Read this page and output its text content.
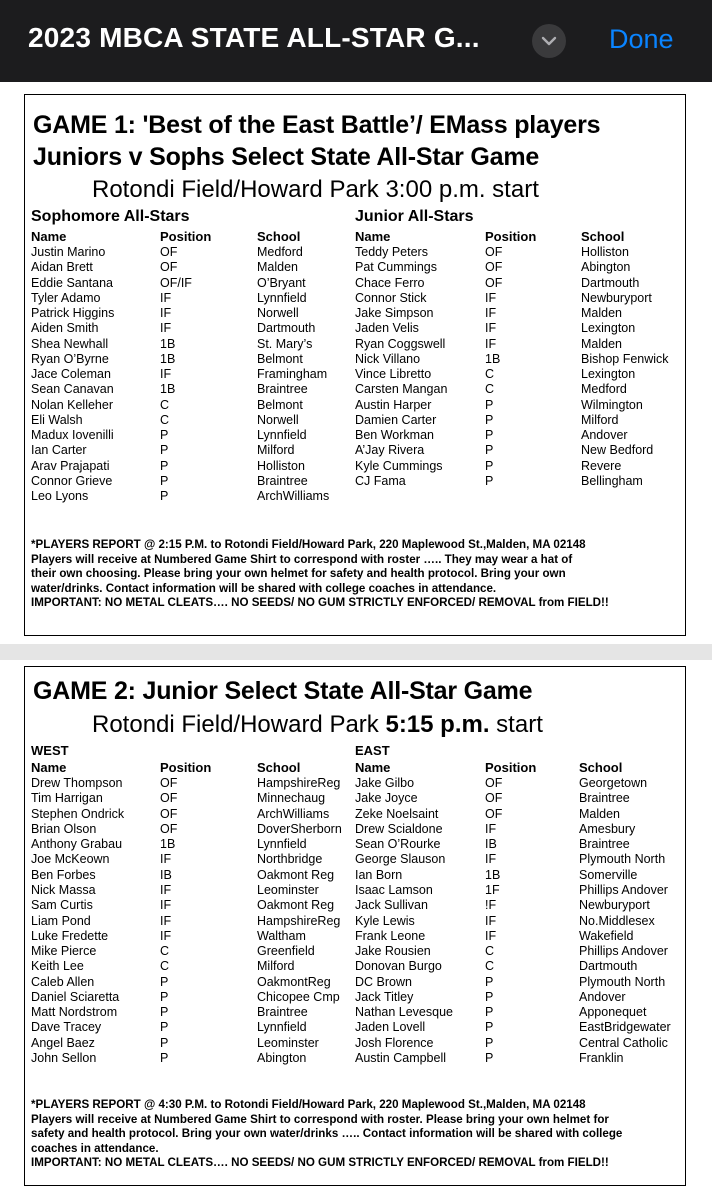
2023 MBCA STATE ALL-STAR G...	Done
GAME 1: 'Best of the East Battle’/ EMass players
Juniors v Sophs Select State All-Star Game
Rotondi Field/Howard Park 3:00 p.m. start
Sophomore All-Stars	Junior All-Stars
Name	Position	School	Name	Position	School
Justin Marino	OF	Medford
Aidan Brett	OF	Malden
Eddie Santana	OF/IF	O’Bryant
Tyler Adamo	IF	Lynnfield
Patrick Higgins	IF	Norwell
Aiden Smith	IF	Dartmouth
Shea Newhall	1B	St. Mary’s
Ryan O’Byrne	1B	Belmont
Jace Coleman	IF	Framingham
Sean Canavan	1B	Braintree
Nolan Kelleher	C	Belmont
Eli Walsh	C	Norwell
Madux Iovenilli	P	Lynnfield
Ian Carter	P	Milford
Arav Prajapati	P	Holliston
Connor Grieve	P	Braintree
Leo Lyons	P	ArchWilliams
Teddy Peters	OF	Holliston
Pat Cummings	OF	Abington
Chace Ferro	OF	Dartmouth
Connor Stick	IF	Newburyport
Jake Simpson	IF	Malden
Jaden Velis	IF	Lexington
Ryan Coggswell	IF	Malden
Nick Villano	1B	Bishop Fenwick
Vince Libretto	C	Lexington
Carsten Mangan	C	Medford
Austin Harper	P	Wilmington
Damien Carter	P	Milford
Ben Workman	P	Andover
A’Jay Rivera	P	New Bedford
Kyle Cummings	P	Revere
CJ Fama	P	Bellingham
*PLAYERS REPORT @ 2:15 P.M. to Rotondi Field/Howard Park, 220 Maplewood St.,Malden, MA 02148
Players will receive at Numbered Game Shirt to correspond with roster ….. They may wear a hat of
their own choosing. Please bring your own helmet for safety and health protocol. Bring your own
water/drinks. Contact information will be shared with college coaches in attendance.
IMPORTANT: NO METAL CLEATS…. NO SEEDS/ NO GUM STRICTLY ENFORCED/ REMOVAL from FIELD!!
GAME 2: Junior Select State All-Star Game
Rotondi Field/Howard Park 5:15 p.m. start
WEST	EAST
Name	Position	School	Name	Position	School
Drew Thompson	OF	HampshireReg
Tim Harrigan	OF	Minnechaug
Stephen Ondrick	OF	ArchWilliams
Brian Olson	OF	DoverSherborn
Anthony Grabau	1B	Lynnfield
Joe McKeown	IF	Northbridge
Ben Forbes	IB	Oakmont Reg
Nick Massa	IF	Leominster
Sam Curtis	IF	Oakmont Reg
Liam Pond	IF	HampshireReg
Luke Fredette	IF	Waltham
Mike Pierce	C	Greenfield
Keith Lee	C	Milford
Caleb Allen	P	OakmontReg
Daniel Sciaretta	P	Chicopee Cmp
Matt Nordstrom	P	Braintree
Dave Tracey	P	Lynnfield
Angel Baez	P	Leominster
John Sellon	P	Abington
Jake Gilbo	OF	Georgetown
Jake Joyce	OF	Braintree
Zeke Noelsaint	OF	Malden
Drew Scialdone	IF	Amesbury
Sean O’Rourke	IB	Braintree
George Slauson	IF	Plymouth North
Ian Born	1B	Somerville
Isaac Lamson	1F	Phillips Andover
Jack Sullivan	!F	Newburyport
Kyle Lewis	IF	No.Middlesex
Frank Leone	IF	Wakefield
Jake Rousien	C	Phillips Andover
Donovan Burgo	C	Dartmouth
DC Brown	P	Plymouth North
Jack Titley	P	Andover
Nathan Levesque	P	Apponequet
Jaden Lovell	P	EastBridgewater
Josh Florence	P	Central Catholic
Austin Campbell	P	Franklin
*PLAYERS REPORT @ 4:30 P.M. to Rotondi Field/Howard Park, 220 Maplewood St.,Malden, MA 02148
Players will receive at Numbered Game Shirt to correspond with roster. Please bring your own helmet for
safety and health protocol. Bring your own water/drinks ….. Contact information will be shared with college
coaches in attendance.
IMPORTANT: NO METAL CLEATS…. NO SEEDS/ NO GUM STRICTLY ENFORCED/ REMOVAL from FIELD!!
